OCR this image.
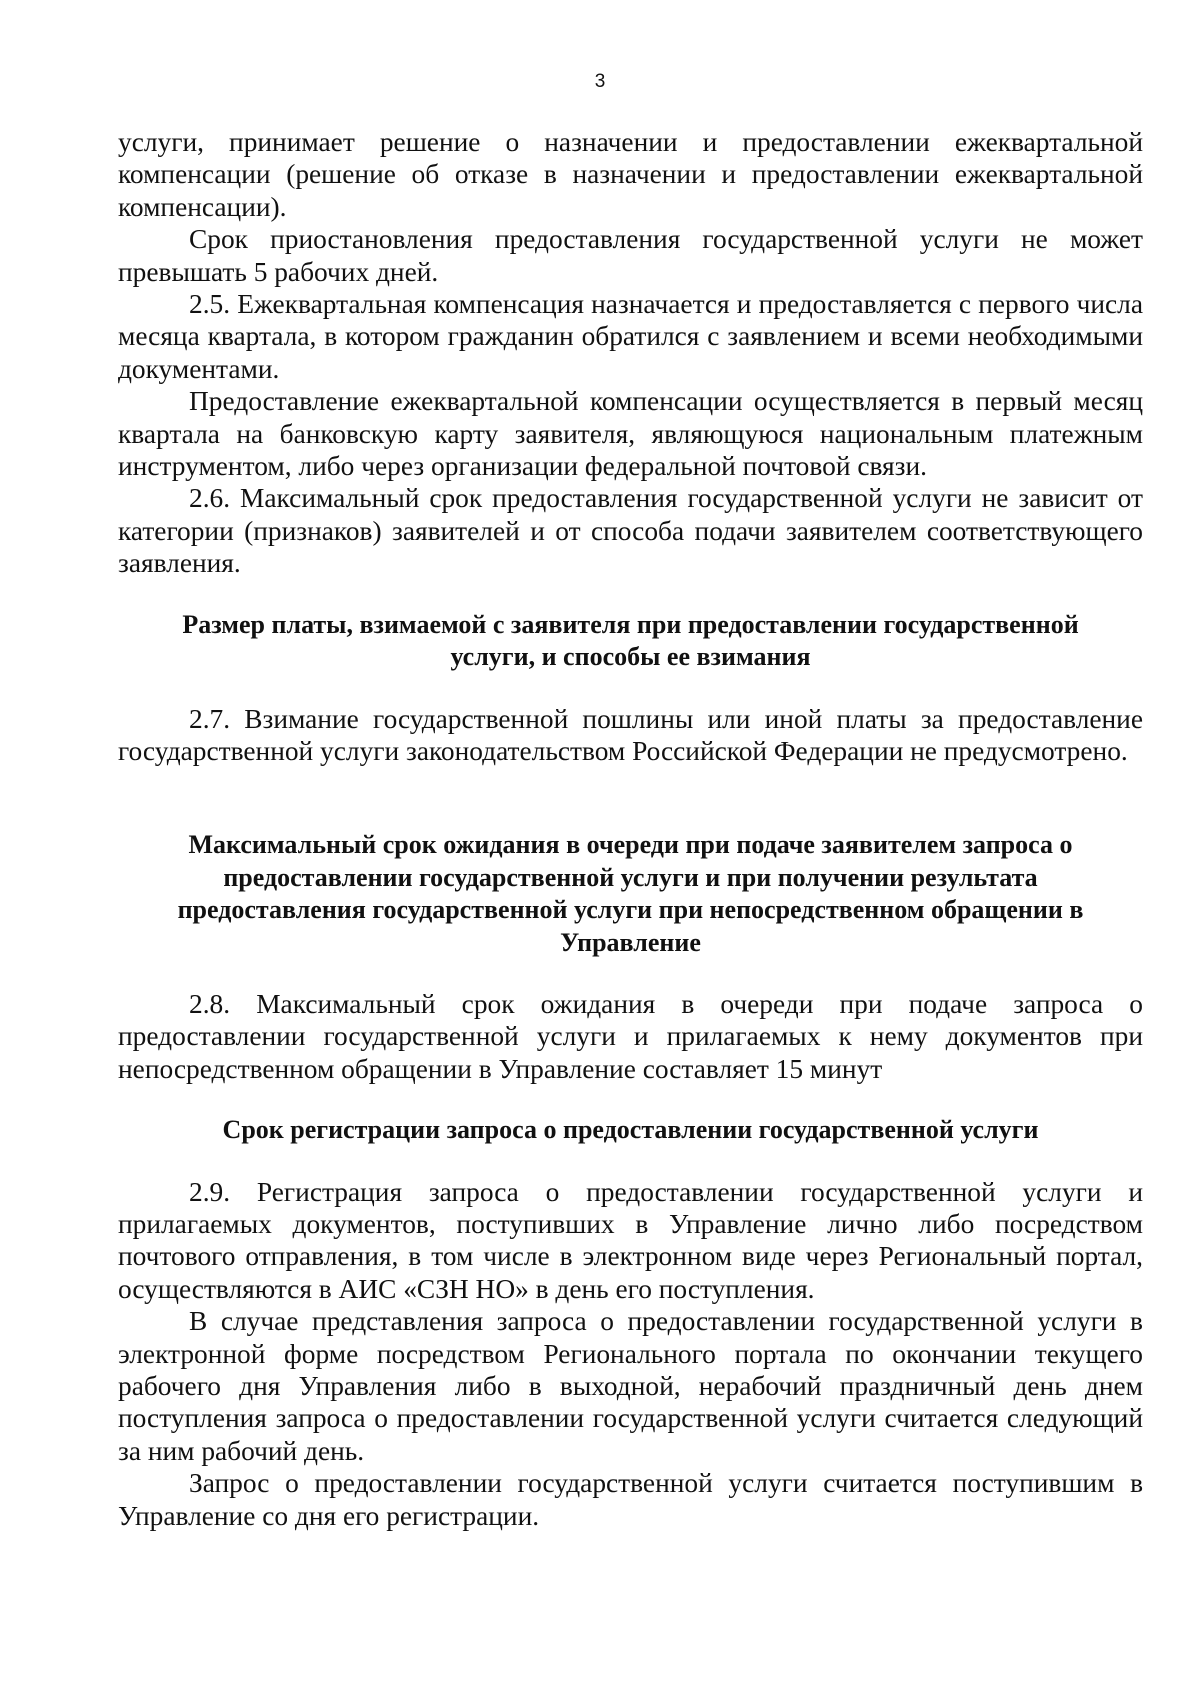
3

услуги, принимает решение о назначении и предоставлении ежеквартальной компенсации (решение об отказе в назначении и предоставлении ежеквартальной компенсации).

Срок приостановления предоставления государственной услуги не может превышать 5 рабочих дней.

2.5. Ежеквартальная компенсация назначается и предоставляется с первого числа месяца квартала, в котором гражданин обратился с заявлением и всеми необходимыми документами.

Предоставление ежеквартальной компенсации осуществляется в первый месяц квартала на банковскую карту заявителя, являющуюся национальным платежным инструментом, либо через организации федеральной почтовой связи.

2.6. Максимальный срок предоставления государственной услуги не зависит от категории (признаков) заявителей и от способа подачи заявителем соответствующего заявления.

Размер платы, взимаемой с заявителя при предоставлении государственной
услуги, и способы ее взимания

2.7. Взимание государственной пошлины или иной платы за предоставление государственной услуги законодательством Российской Федерации не предусмотрено.

Максимальный срок ожидания в очереди при подаче заявителем запроса о
предоставлении государственной услуги и при получении результата
предоставления государственной услуги при непосредственном обращении в
Управление

2.8. Максимальный срок ожидания в очереди при подаче запроса о предоставлении государственной услуги и прилагаемых к нему документов при непосредственном обращении в Управление составляет 15 минут

Срок регистрации запроса о предоставлении государственной услуги

2.9. Регистрация запроса о предоставлении государственной услуги и прилагаемых документов, поступивших в Управление лично либо посредством почтового отправления, в том числе в электронном виде через Региональный портал, осуществляются в АИС «СЗН НО» в день его поступления.

В случае представления запроса о предоставлении государственной услуги в электронной форме посредством Регионального портала по окончании текущего рабочего дня Управления либо в выходной, нерабочий праздничный день днем поступления запроса о предоставлении государственной услуги считается следующий за ним рабочий день.

Запрос о предоставлении государственной услуги считается поступившим в Управление со дня его регистрации.
